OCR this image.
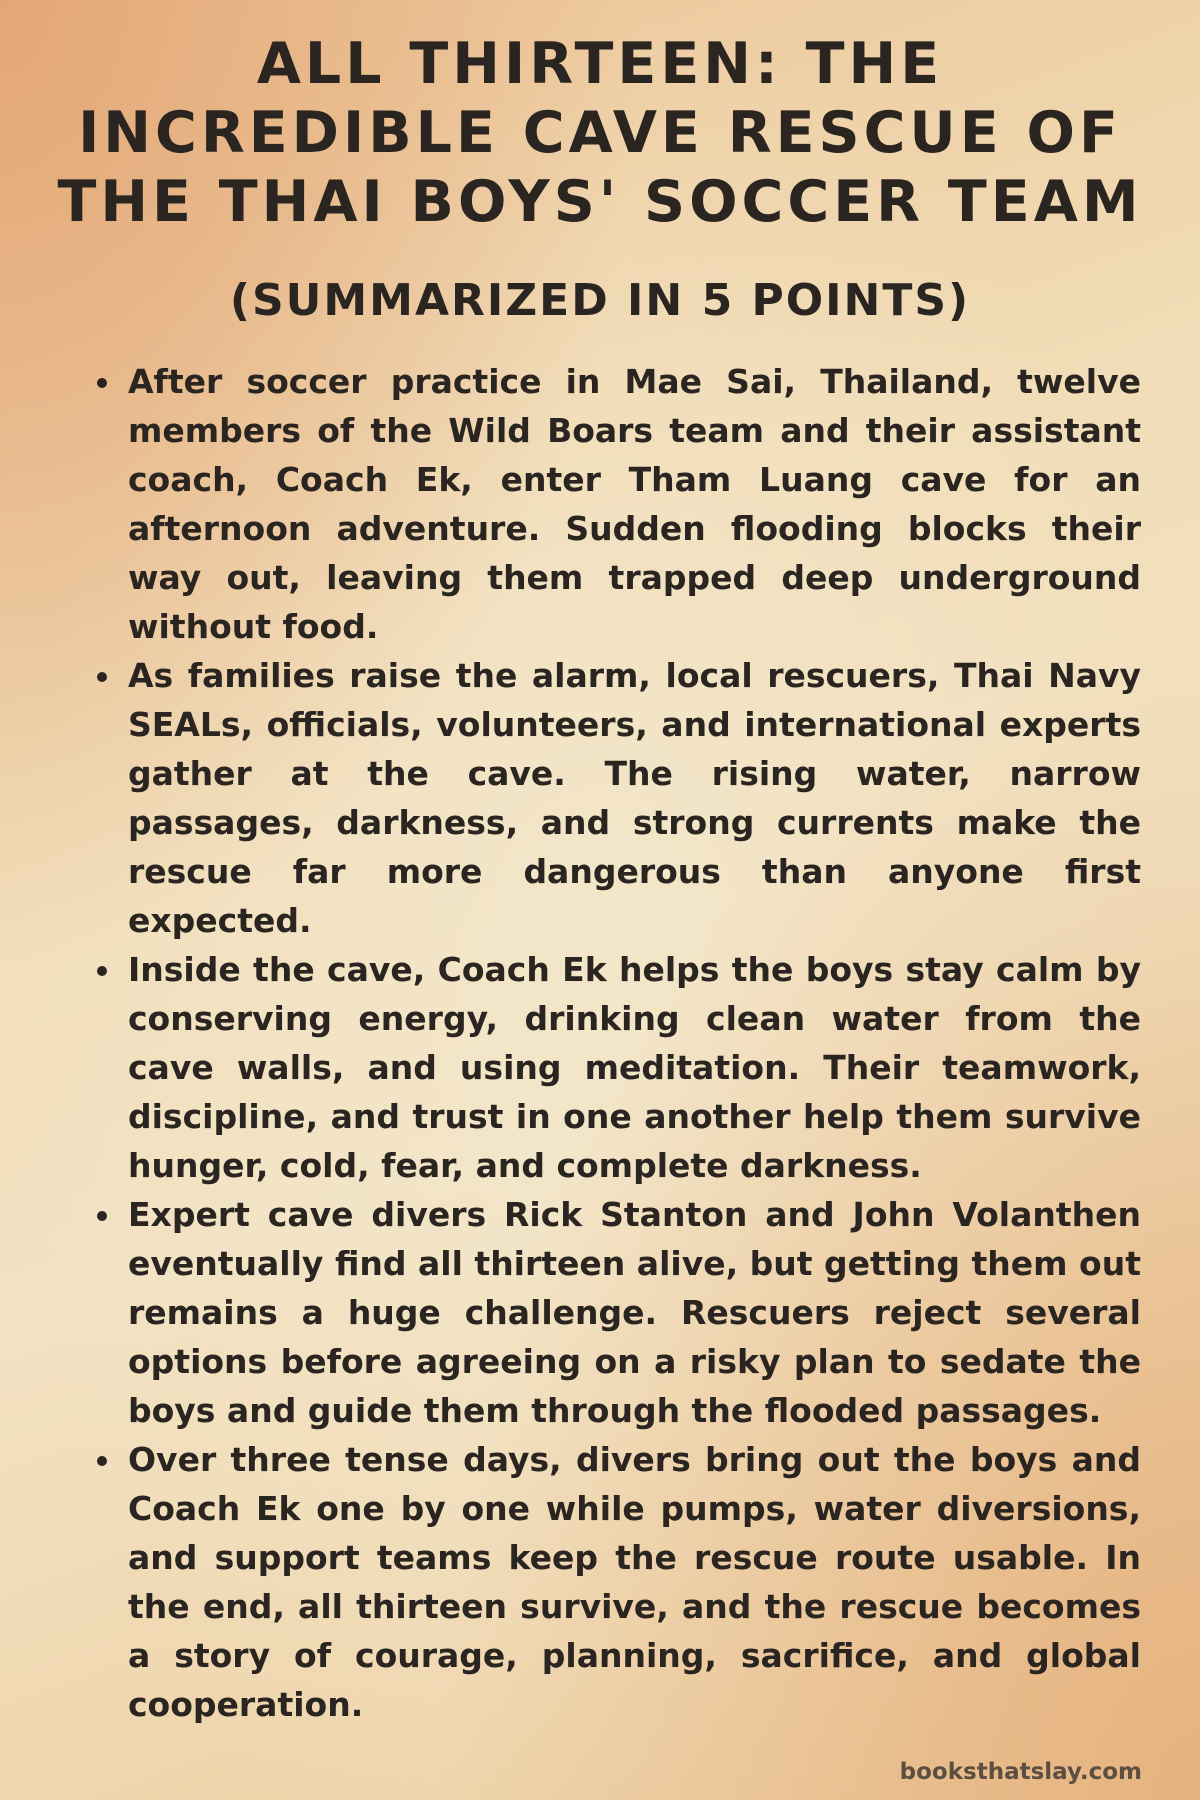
ALL THIRTEEN: THE INCREDIBLE CAVE RESCUE OF THE THAI BOYS' SOCCER TEAM
(SUMMARIZED IN 5 POINTS)
After soccer practice in Mae Sai, Thailand, twelve members of the Wild Boars team and their assistant coach, Coach Ek, enter Tham Luang cave for an afternoon adventure. Sudden flooding blocks their way out, leaving them trapped deep underground without food.
As families raise the alarm, local rescuers, Thai Navy SEALs, officials, volunteers, and international experts gather at the cave. The rising water, narrow passages, darkness, and strong currents make the rescue far more dangerous than anyone first expected.
Inside the cave, Coach Ek helps the boys stay calm by conserving energy, drinking clean water from the cave walls, and using meditation. Their teamwork, discipline, and trust in one another help them survive hunger, cold, fear, and complete darkness.
Expert cave divers Rick Stanton and John Volanthen eventually find all thirteen alive, but getting them out remains a huge challenge. Rescuers reject several options before agreeing on a risky plan to sedate the boys and guide them through the flooded passages.
Over three tense days, divers bring out the boys and Coach Ek one by one while pumps, water diversions, and support teams keep the rescue route usable. In the end, all thirteen survive, and the rescue becomes a story of courage, planning, sacrifice, and global cooperation.

booksthatslay.com
